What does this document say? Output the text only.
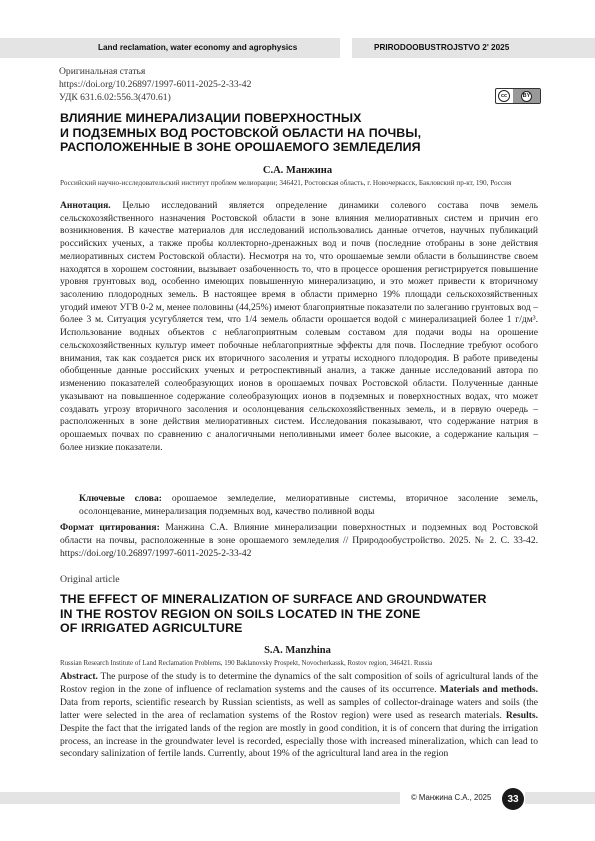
Land reclamation, water economy and agrophysics	PRIRODOOBUSTROJSTVO 2' 2025
Оригинальная статья
https://doi.org/10.26897/1997-6011-2025-2-33-42
УДК 631.6.02:556.3(470.61)	cc	BY
ВЛИЯНИЕ МИНЕРАЛИЗАЦИИ ПОВЕРХНОСТНЫХ
И ПОДЗЕМНЫХ ВОД РОСТОВСКОЙ ОБЛАСТИ НА ПОЧВЫ,
РАСПОЛОЖЕННЫЕ В ЗОНЕ ОРОШАЕМОГО ЗЕМЛЕДЕЛИЯ
С.А. Манжина
Российский научно-исследовательский институт проблем мелиорации; 346421, Ростовская область, г. Новочеркасск, Бакловский пр-кт, 190, Россия

Аннотация. Целью исследований является определение динамики солевого состава почв земель сельскохозяйственного назначения Ростовской области в зоне влияния мелиоративных систем и причин его возникновения. В качестве материалов для исследований использовались данные отчетов, научных публикаций российских ученых, а также пробы коллекторно-дренажных вод и почв (последние отобраны в зоне действия мелиоративных систем Ростовской области). Несмотря на то, что орошаемые земли области в большинстве своем находятся в хорошем состоянии, вызывает озабоченность то, что в процессе орошения регистрируется повышение уровня грунтовых вод, особенно имеющих повышенную минерализацию, и это может привести к вторичному засолению плодородных земель. В настоящее время в области примерно 19% площади сельскохозяйственных угодий имеют УГВ 0-2 м, менее половины (44,25%) имеют благоприятные показатели по залеганию грунтовых вод – более 3 м. Ситуация усугубляется тем, что 1/4 земель области орошается водой с минерализацией более 1 г/дм³. Использование водных объектов с неблагоприятным солевым составом для подачи воды на орошение сельскохозяйственных культур имеет побочные неблагоприятные эффекты для почв. Последние требуют особого внимания, так как создается риск их вторичного засоления и утраты исходного плодородия. В работе приведены обобщенные данные российских ученых и ретроспективный анализ, а также данные исследований автора по изменению показателей солеобразующих ионов в орошаемых почвах Ростовской области. Полученные данные указывают на повышенное содержание солеобразующих ионов в подземных и поверхностных водах, что может создавать угрозу вторичного засоления и осолонцевания сельскохозяйственных земель, и в первую очередь – расположенных в зоне действия мелиоративных систем. Исследования показывают, что содержание натрия в орошаемых почвах по сравнению с аналогичными неполивными имеет более высокие, а содержание кальция – более низкие показатели.

Ключевые слова: орошаемое земледелие, мелиоративные системы, вторичное засоление земель, осолонцевание, минерализация подземных вод, качество поливной воды

Формат цитирования: Манжина С.А. Влияние минерализации поверхностных и подземных вод Ростовской области на почвы, расположенные в зоне орошаемого земледелия // Природообустройство. 2025. № 2. С. 33-42. https://doi.org/10.26897/1997-6011-2025-2-33-42

Original article
THE EFFECT OF MINERALIZATION OF SURFACE AND GROUNDWATER
IN THE ROSTOV REGION ON SOILS LOCATED IN THE ZONE
OF IRRIGATED AGRICULTURE
S.A. Manzhina
Russian Research Institute of Land Reclamation Problems, 190 Baklanovsky Prospekt, Novocherkassk, Rostov region, 346421. Russia

Abstract. The purpose of the study is to determine the dynamics of the salt composition of soils of agricultural lands of the Rostov region in the zone of influence of reclamation systems and the causes of its occurrence. Materials and methods. Data from reports, scientific research by Russian scientists, as well as samples of collector-drainage waters and soils (the latter were selected in the area of reclamation systems of the Rostov region) were used as research materials. Results. Despite the fact that the irrigated lands of the region are mostly in good condition, it is of concern that during the irrigation process, an increase in the groundwater level is recorded, especially those with increased mineralization, which can lead to secondary salinization of fertile lands. Currently, about 19% of the agricultural land area in the region

© Манжина С.А., 2025	33
